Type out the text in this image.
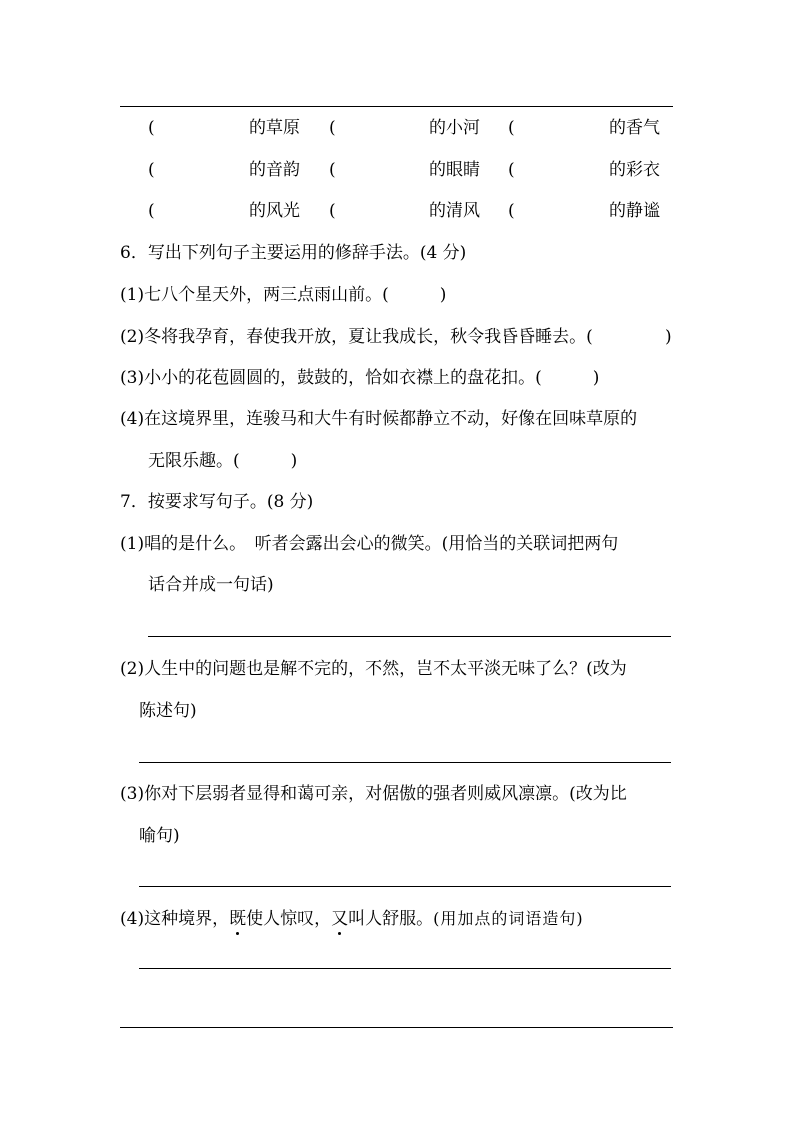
(	的草原 (	的小河 (	的香气
(	的音韵 (	的眼睛 (	的彩衣
(	的风光 (	的清风 (	的静谧
6．写出下列句子主要运用的修辞手法。(4 分)
(1)七八个星天外，两三点雨山前。(　　　)
(2)冬将我孕育，春使我开放，夏让我成长，秋令我昏昏睡去。(	)
(3)小小的花苞圆圆的，鼓鼓的，恰如衣襟上的盘花扣。(　　　)
(4)在这境界里，连骏马和大牛有时候都静立不动，好像在回味草原的
无限乐趣。(　　　)
7．按要求写句子。(8 分)
(1)唱的是什么。　听者会露出会心的微笑。(用恰当的关联词把两句
话合并成一句话)
(2)人生中的问题也是解不完的，不然，岂不太平淡无味了么？(改为
陈述句)
(3)你对下层弱者显得和蔼可亲，对倨傲的强者则威风凛凛。(改为比
喻句)
(4)这种境界，既使人惊叹，又叫人舒服。(用加点的词语造句)
